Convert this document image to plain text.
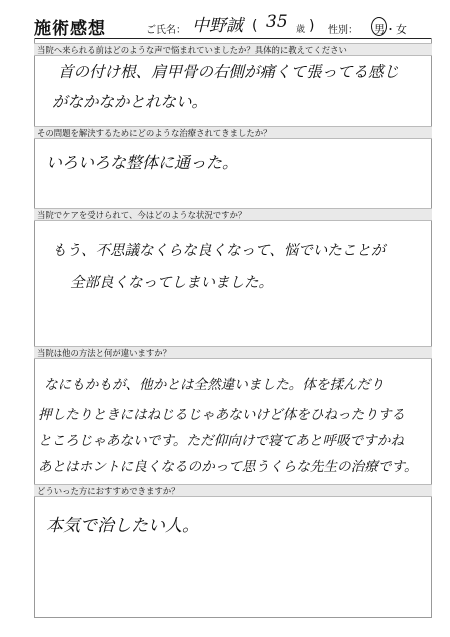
施術感想	ご氏名： 中野誠 ( 35 歳 ) 性別： 男・女
当院へ来られる前はどのような声で悩まれていましたか？具体的に教えてください
首の付け根、肩甲骨の右側が痛くて張ってる感じ
がなかなかとれない。
その問題を解決するためにどのような治療されてきましたか？
いろいろな整体に通った。
当院でケアを受けられて、今はどのような状況ですか？
もう、不思議なくらな良くなって、悩でいたことが
全部良くなってしまいました。
当院は他の方法と何が違いますか？
なにもかもが、他かとは全然違いました。体を揉んだり
押したりときにはねじるじゃあないけど体をひねったりする
ところじゃあないです。ただ仰向けで寝てあと呼吸ですかね
あとはホントに良くなるのかって思うくらな先生の治療です。
どういった方におすすめできますか？
本気で治したい人。
